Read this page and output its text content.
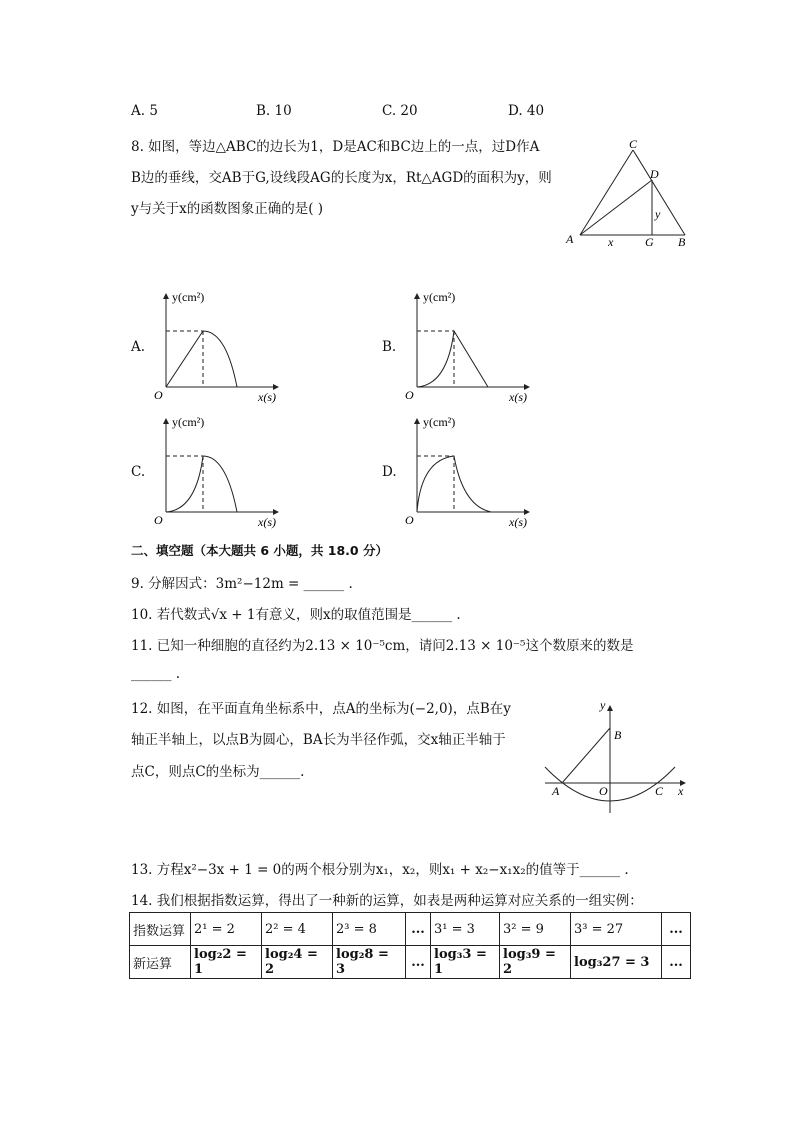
A. 5	B. 10	C. 20	D. 40
8. 如图，等边△ABC的边长为1，D是AC和BC边上的一点，过D作A
B边的垂线，交AB于G,设线段AG的长度为x，Rt△AGD的面积为y，则
y与关于x的函数图象正确的是( )
C
D
y
A	x	G B
A.
y(cm²)
x(s)
O
B.
y(cm²)
x(s)
O
C.
y(cm²)
x(s)
O
D.
y(cm²)
x(s)
O
二、填空题（本大题共 6 小题，共 18.0 分）
9. 分解因式：3m²−12m = ______ .
10. 若代数式√x + 1有意义，则x的取值范围是______ .
11. 已知一种细胞的直径约为2.13 × 10⁻⁵cm，请问2.13 × 10⁻⁵这个数原来的数是
______ .
12. 如图，在平面直角坐标系中，点A的坐标为(−2,0)，点B在y
轴正半轴上，以点B为圆心，BA长为半径作弧，交x轴正半轴于
点C，则点C的坐标为______.
y
B
A	O	C x
13. 方程x²−3x + 1 = 0的两个根分别为x₁，x₂，则x₁ + x₂−x₁x₂的值等于______ .
14. 我们根据指数运算，得出了一种新的运算，如表是两种运算对应关系的一组实例：
指数运算	2¹ = 2	2² = 4	2³ = 8	...	3¹ = 3	3² = 9	3³ = 27	...
新运算	log₂2 = 1	log₂4 = 2	log₂8 = 3	...	log₃3 = 1	log₃9 = 2	log₃27 = 3	...
